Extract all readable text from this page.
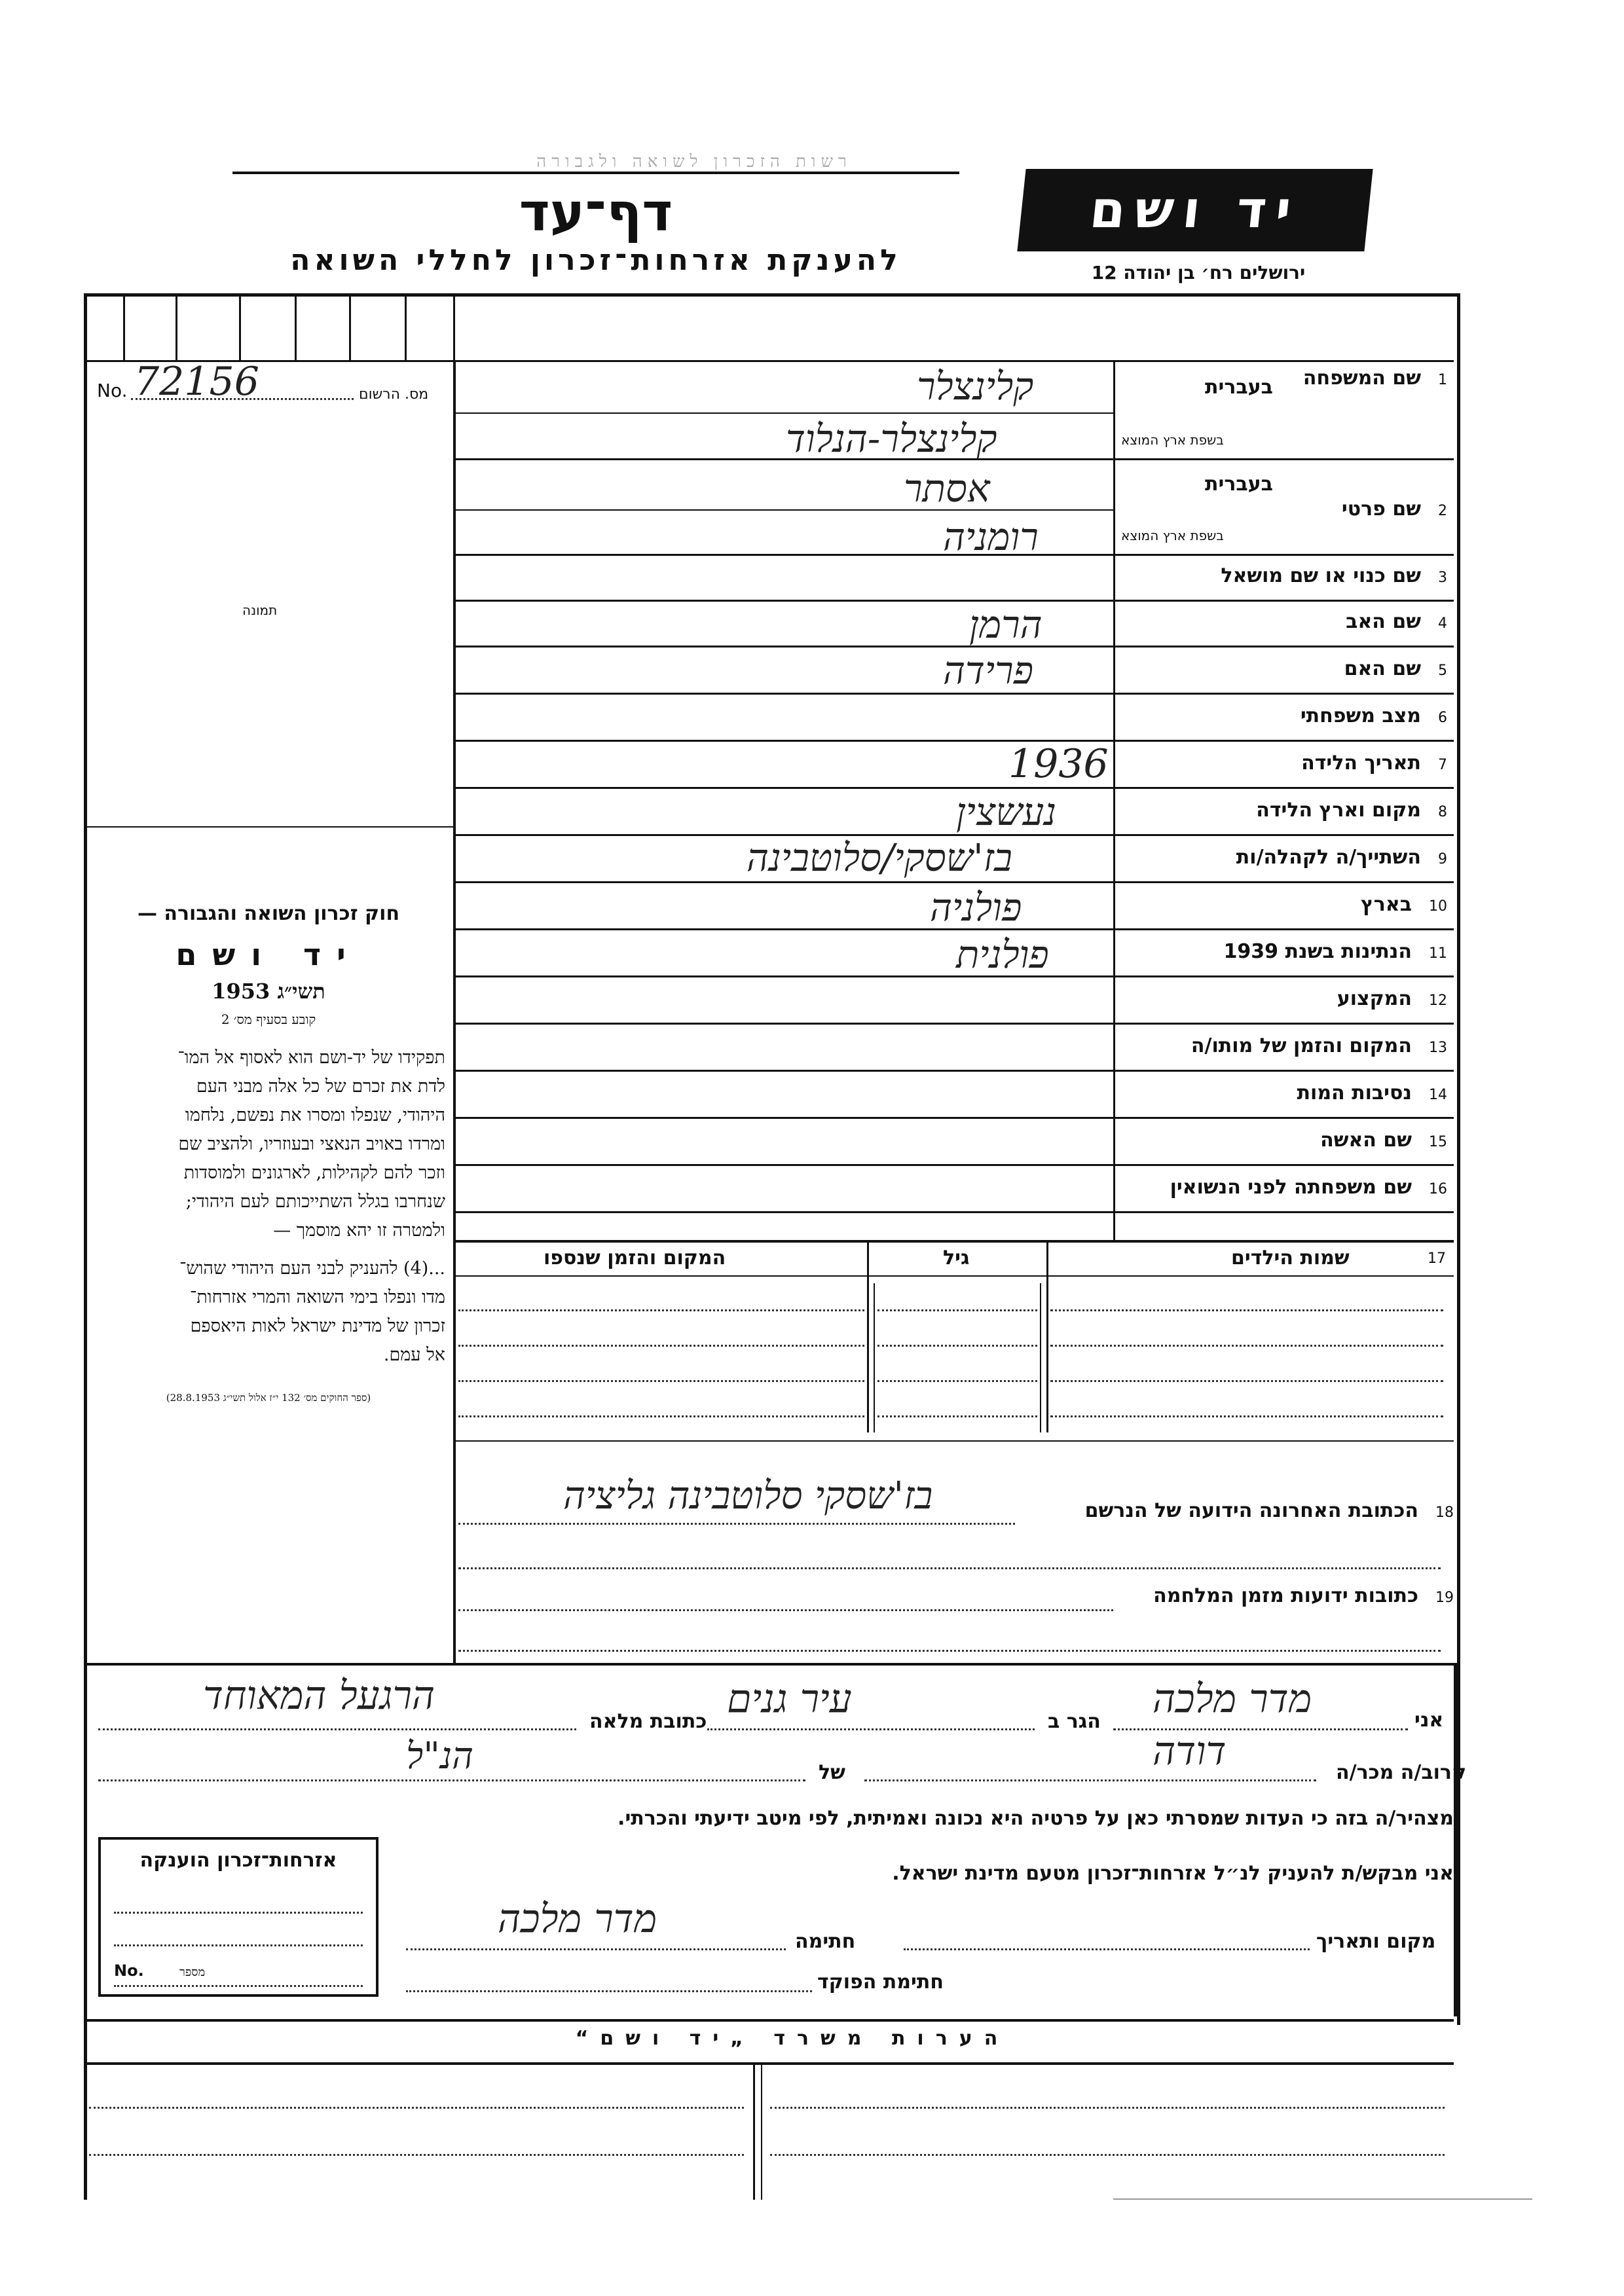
רשות הזכרון לשואה ולגבורה
דף־עד
להענקת אזרחות־זכרון לחללי השואה
יד ושם
ירושלים רח׳ בן יהודה 12
No. 72156	מס. הרשום
תמונה
1שם המשפחה
בעברית
בשפת ארץ המוצא
קלינצלר
קלינצלר-הנלוד
2שם פרטי
בעברית
בשפת ארץ המוצא
אסתר
רומניה
3שם כנוי או שם מושאל
4שם האב
הרמן
5שם האם
פרידה
6מצב משפחתי
7תאריך הלידה
1936
8מקום וארץ הלידה
נעשצין
9השתייך/ה לקהלה/ות
בז'שסקי/סלוטבינה
10בארץ
פולניה
11הנתינות בשנת 1939
פולנית
12המקצוע
13המקום והזמן של מותו/ה
14נסיבות המות
15שם האשה
16שם משפחתה לפני הנשואין
17
שמות הילדים
גיל
המקום והזמן שנספו
חוק זכרון השואה והגבורה —
יד ושם
תשי״ג 1953
קובע בסעיף מס׳ 2
תפקידו של יד-ושם הוא לאסוף אל המו־
לדת את זכרם של כל אלה מבני העם
היהודי, שנפלו ומסרו את נפשם, נלחמו
ומרדו באויב הנאצי ובעוזריו, ולהציב שם
וזכר להם לקהילות, לארגונים ולמוסדות
שנחרבו בגלל השתייכותם לעם היהודי;
ולמטרה זו יהא מוסמך —
...(4) להעניק לבני העם היהודי שהוש־
מדו ונפלו בימי השואה והמרי אזרחות־
זכרון של מדינת ישראל לאות היאספם
אל עמם.
(ספר החוקים מס׳ 132 י״ז אלול תשי״ג 28.8.1953)
18הכתובת האחרונה הידועה של הנרשם
בז'שסקי סלוטבינה גליציה
19כתובות ידועות מזמן המלחמה
אני
מדר מלכה
הגר ב
עיר גנים
כתובת מלאה
הרגעל המאוחד
קרוב/ה מכר/ה
דודה
של
הנ"ל
מצהיר/ה בזה כי העדות שמסרתי כאן על פרטיה היא נכונה ואמיתית, לפי מיטב ידיעתי והכרתי.
אני מבקש/ת להעניק לנ״ל אזרחות־זכרון מטעם מדינת ישראל.
מקום ותאריך
חתימה
מדר מלכה
חתימת הפוקד
אזרחות־זכרון הוענקה
No.	מספר
הערות משרד „יד ושם“
